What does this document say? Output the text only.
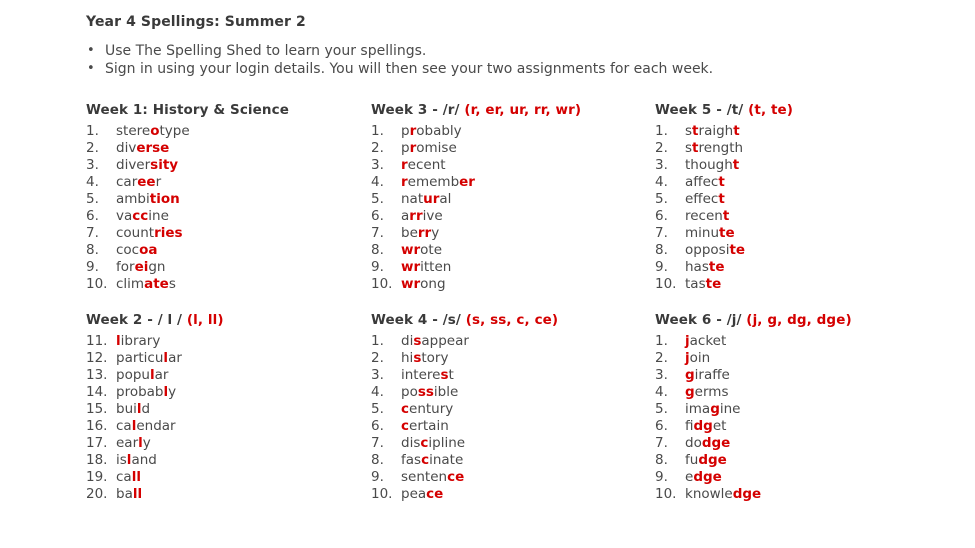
Year 4 Spellings: Summer 2
• Use The Spelling Shed to learn your spellings.
• Sign in using your login details. You will then see your two assignments for each week.
Week 1: History & Science
1. stereotype
2. diverse
3. diversity
4. career
5. ambition
6. vaccine
7. countries
8. cocoa
9. foreign
10. climates
Week 3 - /r/ (r, er, ur, rr, wr)
1. probably
2. promise
3. recent
4. remember
5. natural
6. arrive
7. berry
8. wrote
9. written
10. wrong
Week 5 - /t/ (t, te)
1. straight
2. strength
3. thought
4. affect
5. effect
6. recent
7. minute
8. opposite
9. haste
10. taste
Week 2 - / l / (l, ll)
11. library
12. particular
13. popular
14. probably
15. build
16. calendar
17. early
18. island
19. call
20. ball
Week 4 - /s/ (s, ss, c, ce)
1. disappear
2. history
3. interest
4. possible
5. century
6. certain
7. discipline
8. fascinate
9. sentence
10. peace
Week 6 - /j/ (j, g, dg, dge)
1. jacket
2. join
3. giraffe
4. germs
5. imagine
6. fidget
7. dodge
8. fudge
9. edge
10. knowledge
